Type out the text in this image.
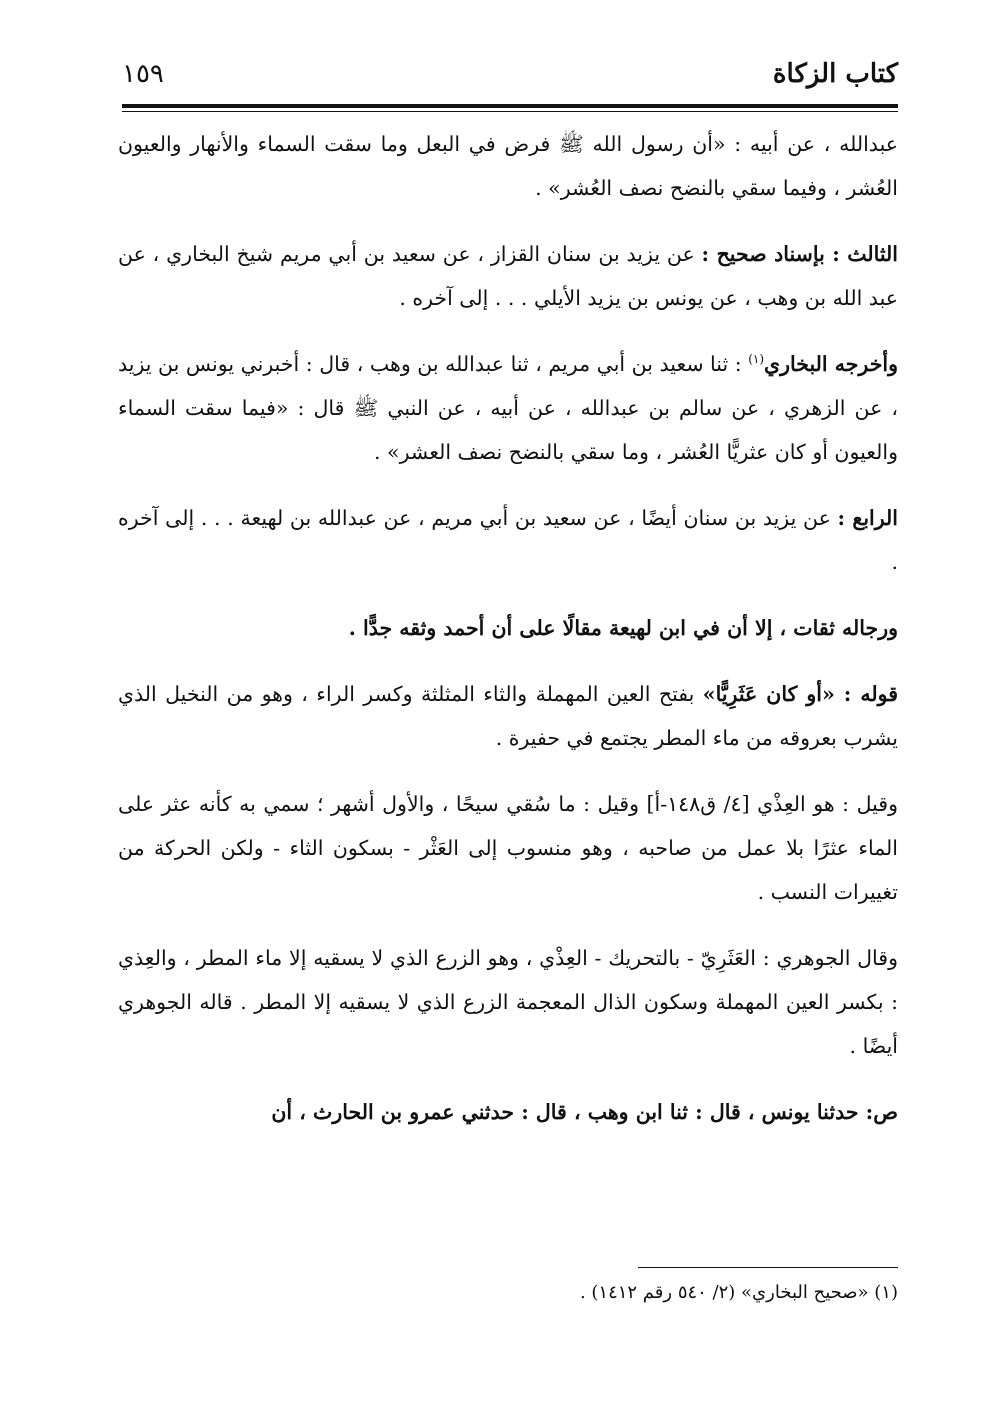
كتاب الزكاة
١٥٩

عبدالله ، عن أبيه : «أن رسول الله ﷺ فرض في البعل وما سقت السماء والأنهار والعيون العُشر ، وفيما سقي بالنضح نصف العُشر» .

الثالث : بإسناد صحيح : عن يزيد بن سنان القزاز ، عن سعيد بن أبي مريم شيخ البخاري ، عن عبد الله بن وهب ، عن يونس بن يزيد الأيلي . . . إلى آخره .

وأخرجه البخاري$^{(١)}$ : ثنا سعيد بن أبي مريم ، ثنا عبدالله بن وهب ، قال : أخبرني يونس بن يزيد ، عن الزهري ، عن سالم بن عبدالله ، عن أبيه ، عن النبي ﷺ قال : «فيما سقت السماء والعيون أو كان عثريًّا العُشر ، وما سقي بالنضح نصف العشر» .

الرابع : عن يزيد بن سنان أيضًا ، عن سعيد بن أبي مريم ، عن عبدالله بن لهيعة . . . إلى آخره .

ورجاله ثقات ، إلا أن في ابن لهيعة مقالًا على أن أحمد وثقه جدًّا .

قوله : «أو كان عَثَرِيًّا» بفتح العين المهملة والثاء المثلثة وكسر الراء ، وهو من النخيل الذي يشرب بعروقه من ماء المطر يجتمع في حفيرة .

وقيل : هو العِذْي [٤/ ق١٤٨-أ] وقيل : ما سُقي سيحًا ، والأول أشهر ؛ سمي به كأنه عثر على الماء عثرًا بلا عمل من صاحبه ، وهو منسوب إلى العَثْر - بسكون الثاء - ولكن الحركة من تغييرات النسب .

وقال الجوهري : العَثَرِيّ - بالتحريك - العِذْي ، وهو الزرع الذي لا يسقيه إلا ماء المطر ، والعِذي : بكسر العين المهملة وسكون الذال المعجمة الزرع الذي لا يسقيه إلا المطر . قاله الجوهري أيضًا .

ص: حدثنا يونس ، قال : ثنا ابن وهب ، قال : حدثني عمرو بن الحارث ، أن

(١) «صحيح البخاري» (٢/ ٥٤٠ رقم ١٤١٢) .
